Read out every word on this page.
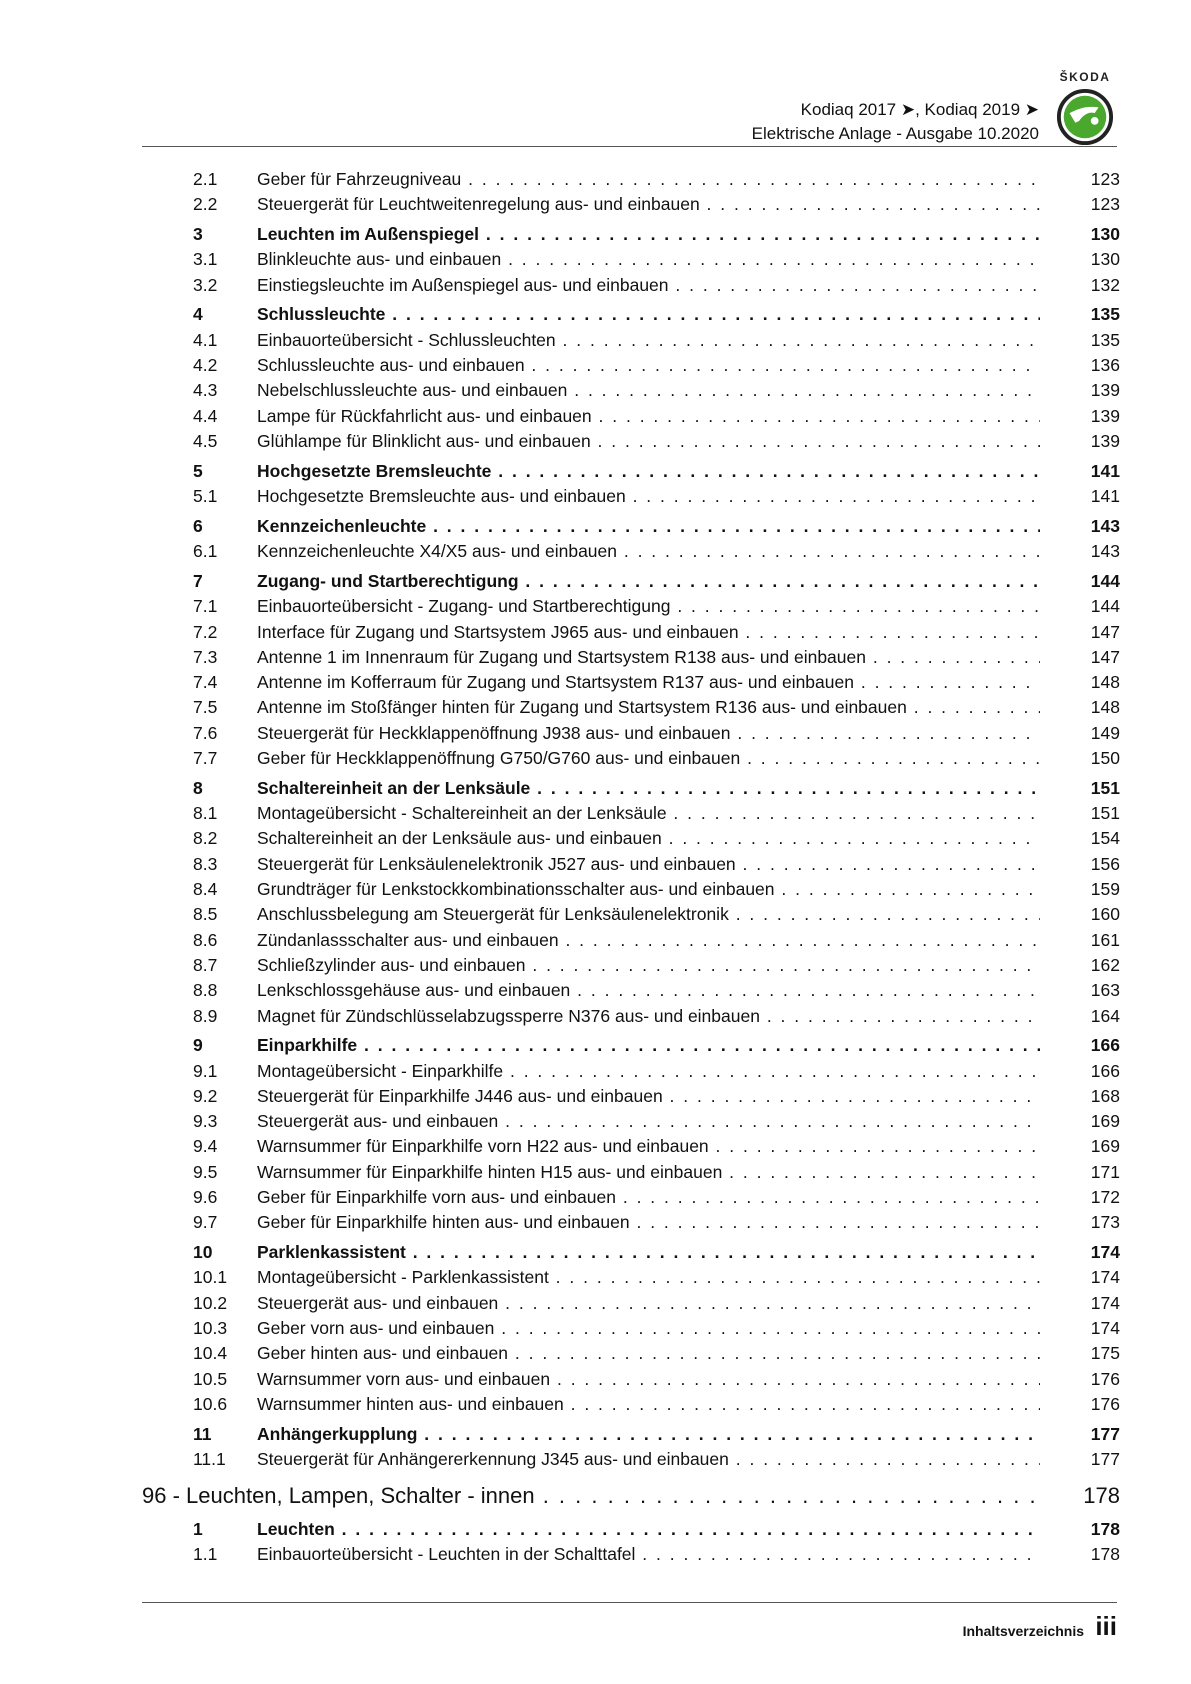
Kodiaq 2017 ➤, Kodiaq 2019 ➤
Elektrische Anlage - Ausgabe 10.2020
ŠKODA
2.1 Geber für Fahrzeugniveau . . .	123
2.2 Steuergerät für Leuchtweitenregelung aus- und einbauen . . .	123
3	Leuchten im Außenspiegel . . .	130
3.1 Blinkleuchte aus- und einbauen . . .	130
3.2 Einstiegsleuchte im Außenspiegel aus- und einbauen . . .	132
4	Schlussleuchte . . .	135
4.1 Einbauorteübersicht - Schlussleuchten . . .	135
4.2 Schlussleuchte aus- und einbauen . . .	136
4.3 Nebelschlussleuchte aus- und einbauen . . .	139
4.4 Lampe für Rückfahrlicht aus- und einbauen . . .	139
4.5 Glühlampe für Blinklicht aus- und einbauen . . .	139
5	Hochgesetzte Bremsleuchte . . .	141
5.1 Hochgesetzte Bremsleuchte aus- und einbauen . . .	141
6	Kennzeichenleuchte . . .	143
6.1 Kennzeichenleuchte X4/X5 aus- und einbauen . . .	143
7	Zugang- und Startberechtigung . . .	144
7.1 Einbauorteübersicht - Zugang- und Startberechtigung . . .	144
7.2 Interface für Zugang und Startsystem J965 aus- und einbauen . . .	147
7.3 Antenne 1 im Innenraum für Zugang und Startsystem R138 aus- und einbauen . . .	147
7.4 Antenne im Kofferraum für Zugang und Startsystem R137 aus- und einbauen . . .	148
7.5 Antenne im Stoßfänger hinten für Zugang und Startsystem R136 aus- und einbauen . . .	148
7.6 Steuergerät für Heckklappenöffnung J938 aus- und einbauen . . .	149
7.7 Geber für Heckklappenöffnung G750/G760 aus- und einbauen . . .	150
8	Schaltereinheit an der Lenksäule . . .	151
8.1 Montageübersicht - Schaltereinheit an der Lenksäule . . .	151
8.2 Schaltereinheit an der Lenksäule aus- und einbauen . . .	154
8.3 Steuergerät für Lenksäulenelektronik J527 aus- und einbauen . . .	156
8.4 Grundträger für Lenkstockkombinationsschalter aus- und einbauen . . .	159
8.5 Anschlussbelegung am Steuergerät für Lenksäulenelektronik . . .	160
8.6 Zündanlassschalter aus- und einbauen . . .	161
8.7 Schließzylinder aus- und einbauen . . .	162
8.8 Lenkschlossgehäuse aus- und einbauen . . .	163
8.9 Magnet für Zündschlüsselabzugssperre N376 aus- und einbauen . . .	164
9	Einparkhilfe . . .	166
9.1 Montageübersicht - Einparkhilfe . . .	166
9.2 Steuergerät für Einparkhilfe J446 aus- und einbauen . . .	168
9.3 Steuergerät aus- und einbauen . . .	169
9.4 Warnsummer für Einparkhilfe vorn H22 aus- und einbauen . . .	169
9.5 Warnsummer für Einparkhilfe hinten H15 aus- und einbauen . . .	171
9.6 Geber für Einparkhilfe vorn aus- und einbauen . . .	172
9.7 Geber für Einparkhilfe hinten aus- und einbauen . . .	173
10	Parklenkassistent . . .	174
10.1 Montageübersicht - Parklenkassistent . . .	174
10.2 Steuergerät aus- und einbauen . . .	174
10.3 Geber vorn aus- und einbauen . . .	174
10.4 Geber hinten aus- und einbauen . . .	175
10.5 Warnsummer vorn aus- und einbauen . . .	176
10.6 Warnsummer hinten aus- und einbauen . . .	176
11	Anhängerkupplung . . .	177
11.1 Steuergerät für Anhängererkennung J345 aus- und einbauen . . .	177
96 - Leuchten, Lampen, Schalter - innen . . .	178
1	Leuchten . . .	178
1.1 Einbauorteübersicht - Leuchten in der Schalttafel . . .	178
Inhaltsverzeichnis iii
